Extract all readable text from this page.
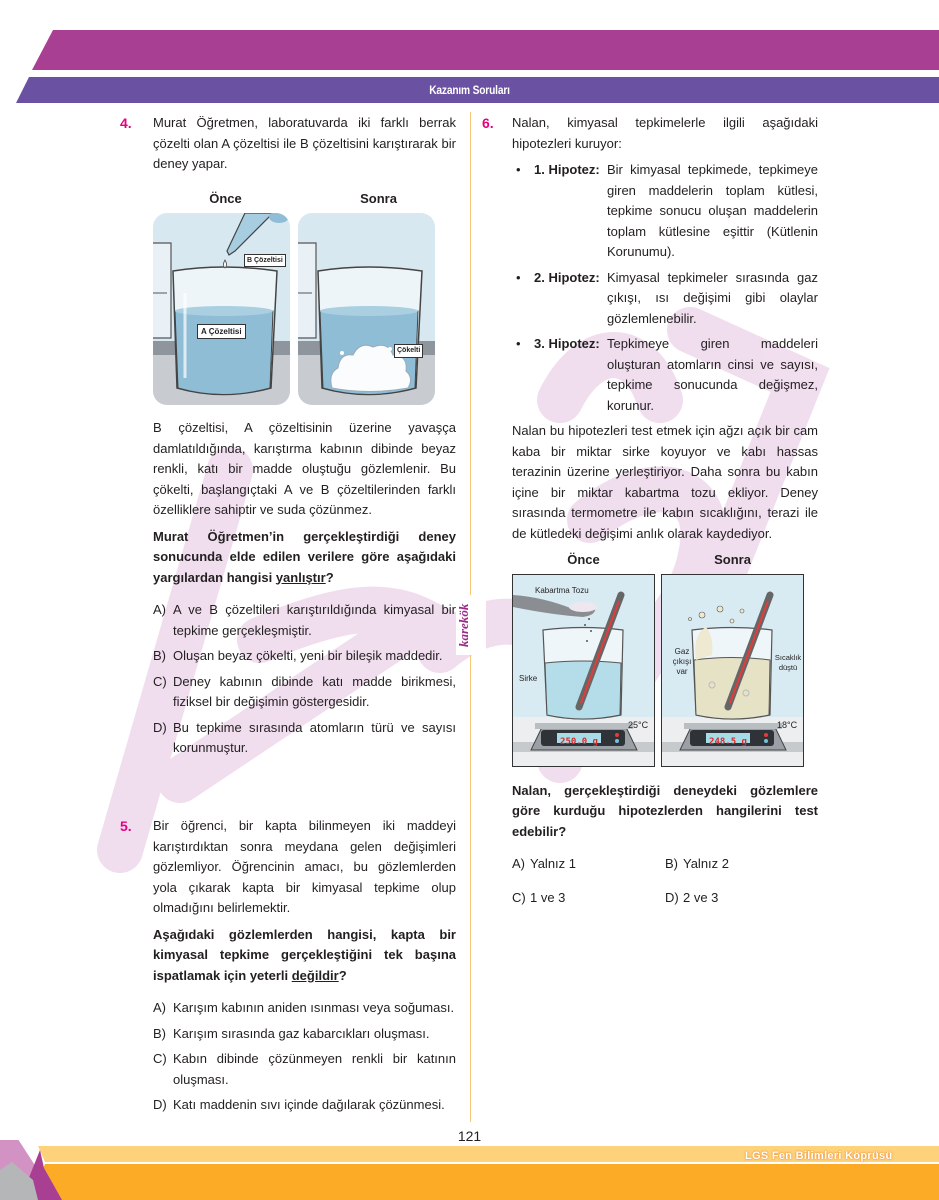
Kazanım Soruları
karekök
4. Murat Öğretmen, laboratuvarda iki farklı berrak çözelti olan A çözeltisi ile B çözeltisini karıştırarak bir deney yapar.
Önce	Sonra
B Çözeltisi
A Çözeltisi
Çökelti
B çözeltisi, A çözeltisinin üzerine yavaşça damlatıldığında, karıştırma kabının dibinde beyaz renkli, katı bir madde oluştuğu gözlemlenir. Bu çökelti, başlangıçtaki A ve B çözeltilerinden farklı özelliklere sahiptir ve suda çözünmez.
Murat Öğretmen’in gerçekleştirdiği deney sonucunda elde edilen verilere göre aşağıdaki yargılardan hangisi yanlıştır?
A) A ve B çözeltileri karıştırıldığında kimyasal bir tepkime gerçekleşmiştir.
B) Oluşan beyaz çökelti, yeni bir bileşik maddedir.
C) Deney kabının dibinde katı madde birikmesi, fiziksel bir değişimin göstergesidir.
D) Bu tepkime sırasında atomların türü ve sayısı korunmuştur.
5. Bir öğrenci, bir kapta bilinmeyen iki maddeyi karıştırdıktan sonra meydana gelen değişimleri gözlemliyor. Öğrencinin amacı, bu gözlemlerden yola çıkarak kapta bir kimyasal tepkime olup olmadığını belirlemektir.
Aşağıdaki gözlemlerden hangisi, kapta bir kimyasal tepkime gerçekleştiğini tek başına ispatlamak için yeterli değildir?
A) Karışım kabının aniden ısınması veya soğuması.
B) Karışım sırasında gaz kabarcıkları oluşması.
C) Kabın dibinde çözünmeyen renkli bir katının oluşması.
D) Katı maddenin sıvı içinde dağılarak çözünmesi.
6. Nalan, kimyasal tepkimelerle ilgili aşağıdaki hipotezleri kuruyor:
•	1. Hipotez: Bir kimyasal tepkimede, tepkimeye giren maddelerin toplam kütlesi, tepkime sonucu oluşan maddelerin toplam kütlesine eşittir (Kütlenin Korunumu).
•	2. Hipotez: Kimyasal tepkimeler sırasında gaz çıkışı, ısı değişimi gibi olaylar gözlemlenebilir.
•	3. Hipotez: Tepkimeye giren maddeleri oluşturan atomların cinsi ve sayısı, tepkime sonucunda değişmez, korunur.
Nalan bu hipotezleri test etmek için ağzı açık bir cam kaba bir miktar sirke koyuyor ve kabı hassas terazinin üzerine yerleştiriyor. Daha sonra bu kabın içine bir miktar kabartma tozu ekliyor. Deney sırasında termometre ile kabın sıcaklığını, terazi ile de kütledeki değişimi anlık olarak kaydediyor.
Önce	Sonra
Kabartma Tozu
Sirke
25°C
250.0 g
Gaz
çıkışı
var
Sıcaklık
düştü
18°C
248.5 g
Nalan, gerçekleştirdiği deneydeki gözlemlere göre kurduğu hipotezlerden hangilerini test edebilir?
A) Yalnız 1	B) Yalnız 2
C) 1 ve 3	D) 2 ve 3
121
LGS Fen Bilimleri Köprüsü
